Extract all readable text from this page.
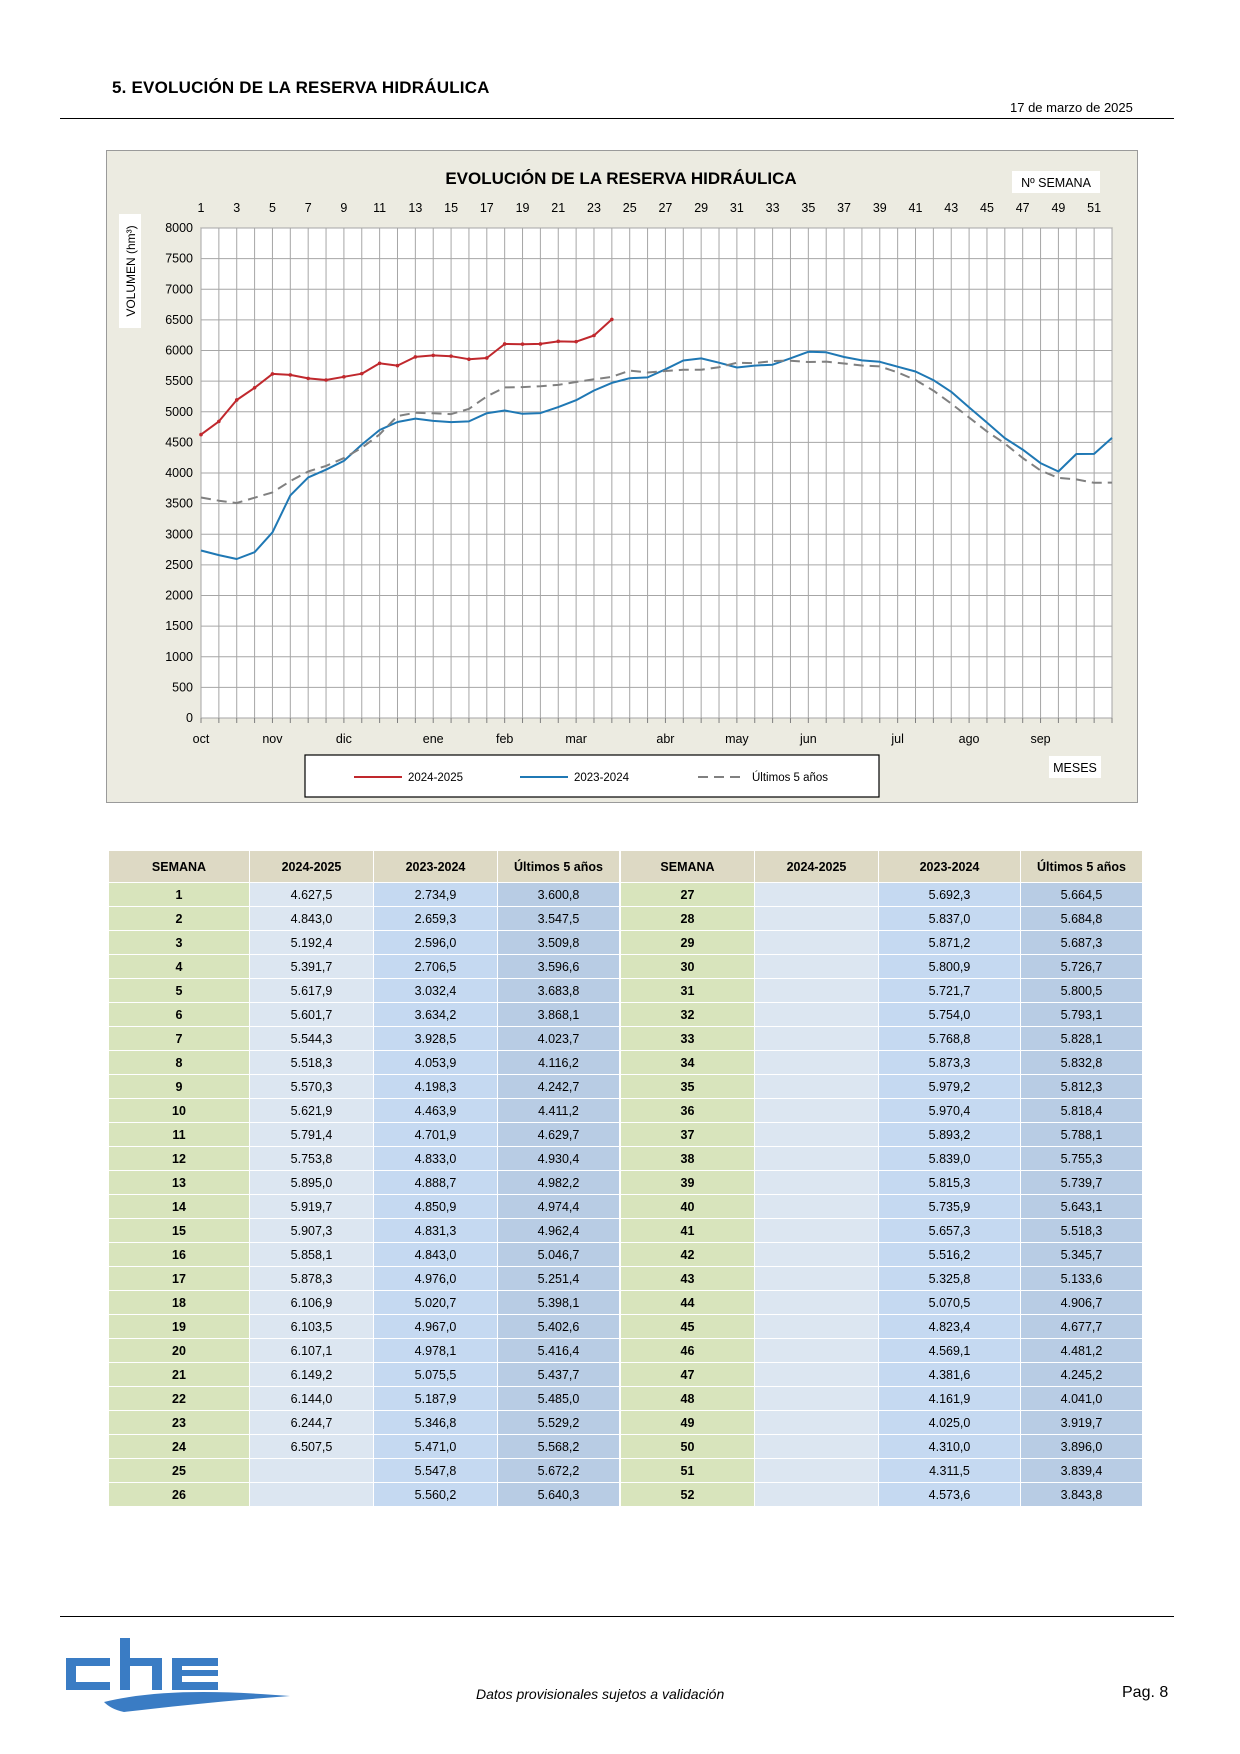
5. EVOLUCIÓN DE LA RESERVA HIDRÁULICA
17 de marzo de 2025
0
500
1000
1500
2000
2500
3000
3500
4000
4500
5000
5500
6000
6500
7000
7500
8000
1 3 5 7 9 11 13 15 17 19 21 23 25 27 29 31 33 35 37 39 41 43 45 47 49 51
oct	nov	dic	ene	feb	mar	abr	may	jun	jul	ago	sep
EVOLUCIÓN DE LA RESERVA HIDRÁULICA	Nº SEMANA
MESES
VOLUMEN (hm³)
2024-2025	2023-2024	Últimos 5 años
SEMANA	2024-2025	2023-2024	Últimos 5 años
1	4.627,5	2.734,9	3.600,8
2	4.843,0	2.659,3	3.547,5
3	5.192,4	2.596,0	3.509,8
4	5.391,7	2.706,5	3.596,6
5	5.617,9	3.032,4	3.683,8
6	5.601,7	3.634,2	3.868,1
7	5.544,3	3.928,5	4.023,7
8	5.518,3	4.053,9	4.116,2
9	5.570,3	4.198,3	4.242,7
10	5.621,9	4.463,9	4.411,2
11	5.791,4	4.701,9	4.629,7
12	5.753,8	4.833,0	4.930,4
13	5.895,0	4.888,7	4.982,2
14	5.919,7	4.850,9	4.974,4
15	5.907,3	4.831,3	4.962,4
16	5.858,1	4.843,0	5.046,7
17	5.878,3	4.976,0	5.251,4
18	6.106,9	5.020,7	5.398,1
19	6.103,5	4.967,0	5.402,6
20	6.107,1	4.978,1	5.416,4
21	6.149,2	5.075,5	5.437,7
22	6.144,0	5.187,9	5.485,0
23	6.244,7	5.346,8	5.529,2
24	6.507,5	5.471,0	5.568,2
25		5.547,8	5.672,2
26		5.560,2	5.640,3
SEMANA	2024-2025	2023-2024	Últimos 5 años
27		5.692,3	5.664,5
28		5.837,0	5.684,8
29		5.871,2	5.687,3
30		5.800,9	5.726,7
31		5.721,7	5.800,5
32		5.754,0	5.793,1
33		5.768,8	5.828,1
34		5.873,3	5.832,8
35		5.979,2	5.812,3
36		5.970,4	5.818,4
37		5.893,2	5.788,1
38		5.839,0	5.755,3
39		5.815,3	5.739,7
40		5.735,9	5.643,1
41		5.657,3	5.518,3
42		5.516,2	5.345,7
43		5.325,8	5.133,6
44		5.070,5	4.906,7
45		4.823,4	4.677,7
46		4.569,1	4.481,2
47		4.381,6	4.245,2
48		4.161,9	4.041,0
49		4.025,0	3.919,7
50		4.310,0	3.896,0
51		4.311,5	3.839,4
52		4.573,6	3.843,8
Datos provisionales sujetos a validación	Pag. 8
